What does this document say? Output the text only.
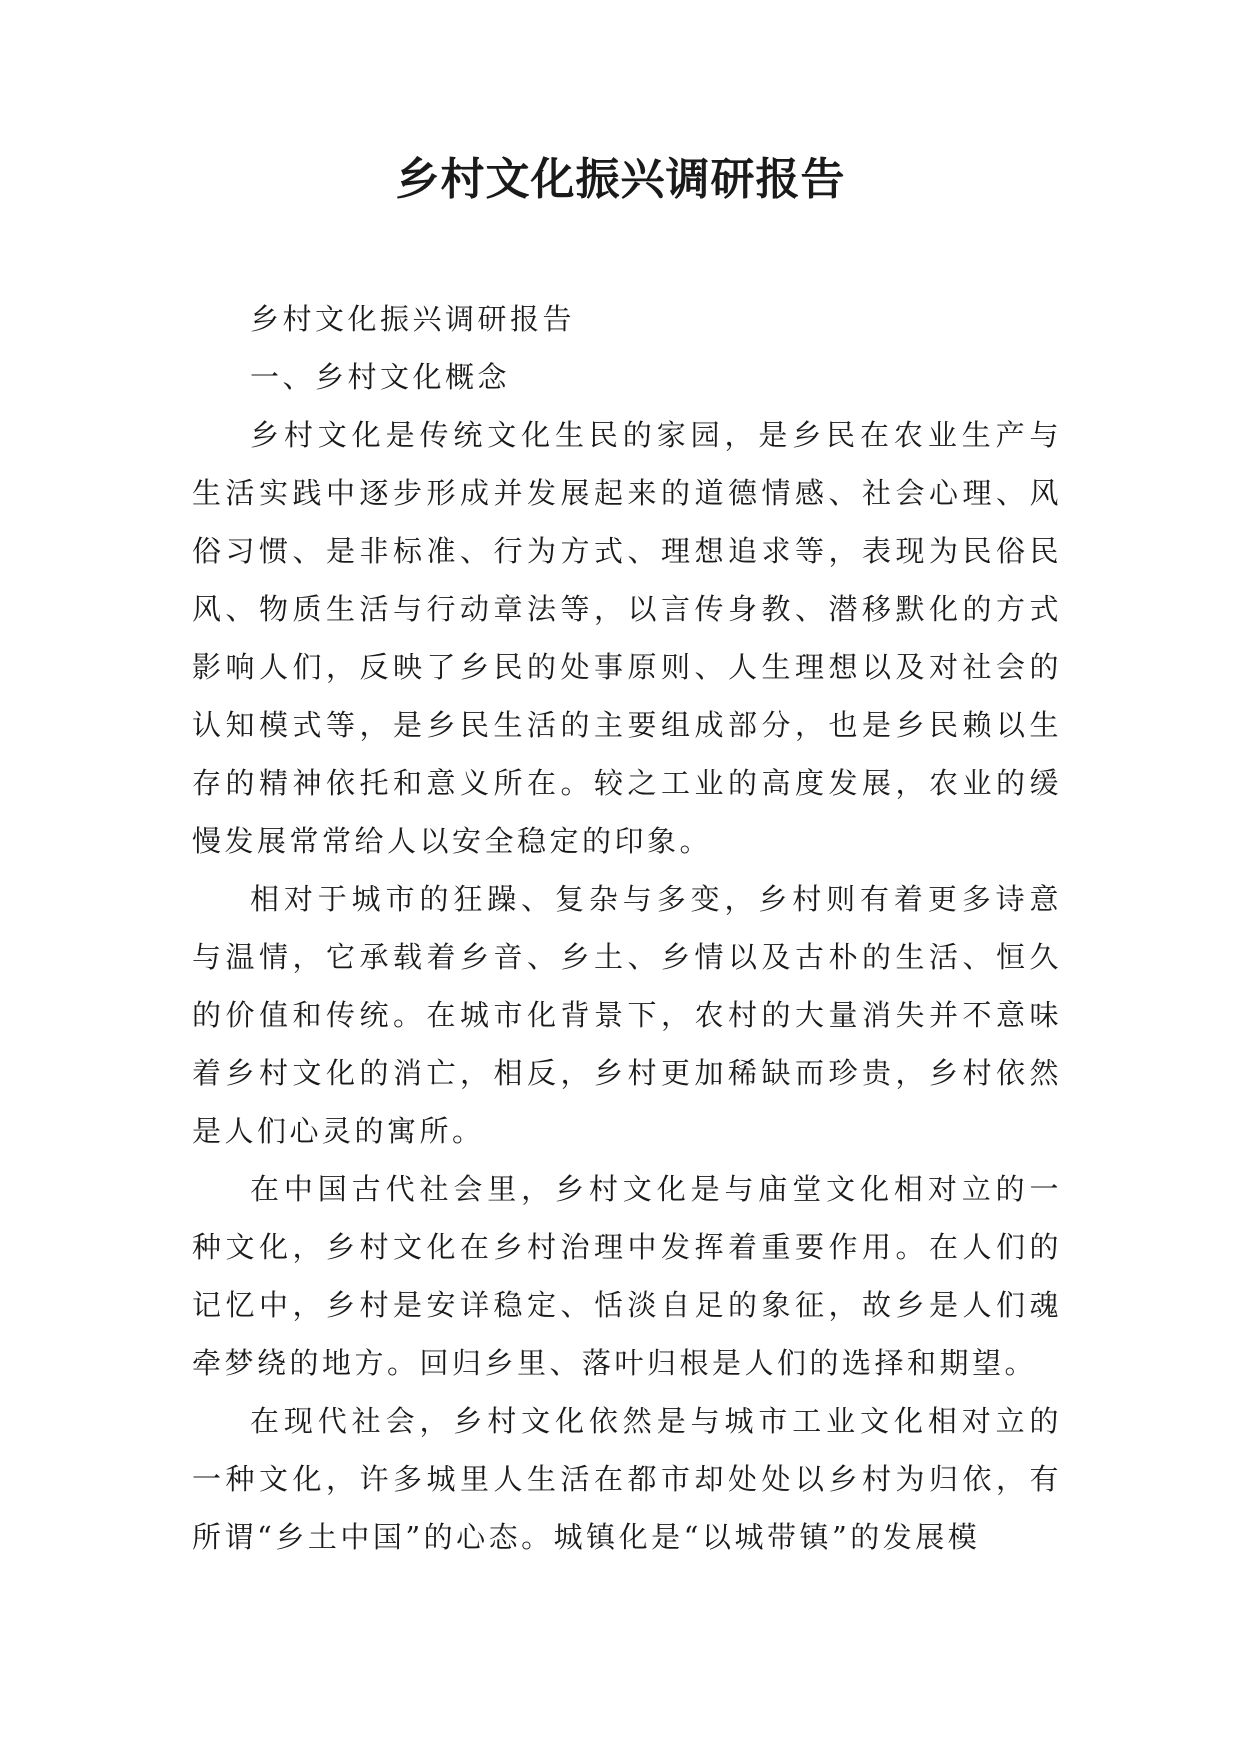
乡村文化振兴调研报告

乡村文化振兴调研报告

一、乡村文化概念

乡村文化是传统文化生民的家园，是乡民在农业生产与生活实践中逐步形成并发展起来的道德情感、社会心理、风俗习惯、是非标准、行为方式、理想追求等，表现为民俗民风、物质生活与行动章法等，以言传身教、潜移默化的方式影响人们，反映了乡民的处事原则、人生理想以及对社会的认知模式等，是乡民生活的主要组成部分，也是乡民赖以生存的精神依托和意义所在。较之工业的高度发展，农业的缓慢发展常常给人以安全稳定的印象。

相对于城市的狂躁、复杂与多变，乡村则有着更多诗意与温情，它承载着乡音、乡土、乡情以及古朴的生活、恒久的价值和传统。在城市化背景下，农村的大量消失并不意味着乡村文化的消亡，相反，乡村更加稀缺而珍贵，乡村依然是人们心灵的寓所。

在中国古代社会里，乡村文化是与庙堂文化相对立的一种文化，乡村文化在乡村治理中发挥着重要作用。在人们的记忆中，乡村是安详稳定、恬淡自足的象征，故乡是人们魂牵梦绕的地方。回归乡里、落叶归根是人们的选择和期望。

在现代社会，乡村文化依然是与城市工业文化相对立的一种文化，许多城里人生活在都市却处处以乡村为归依，有所谓“乡土中国”的心态。城镇化是“以城带镇”的发展模
